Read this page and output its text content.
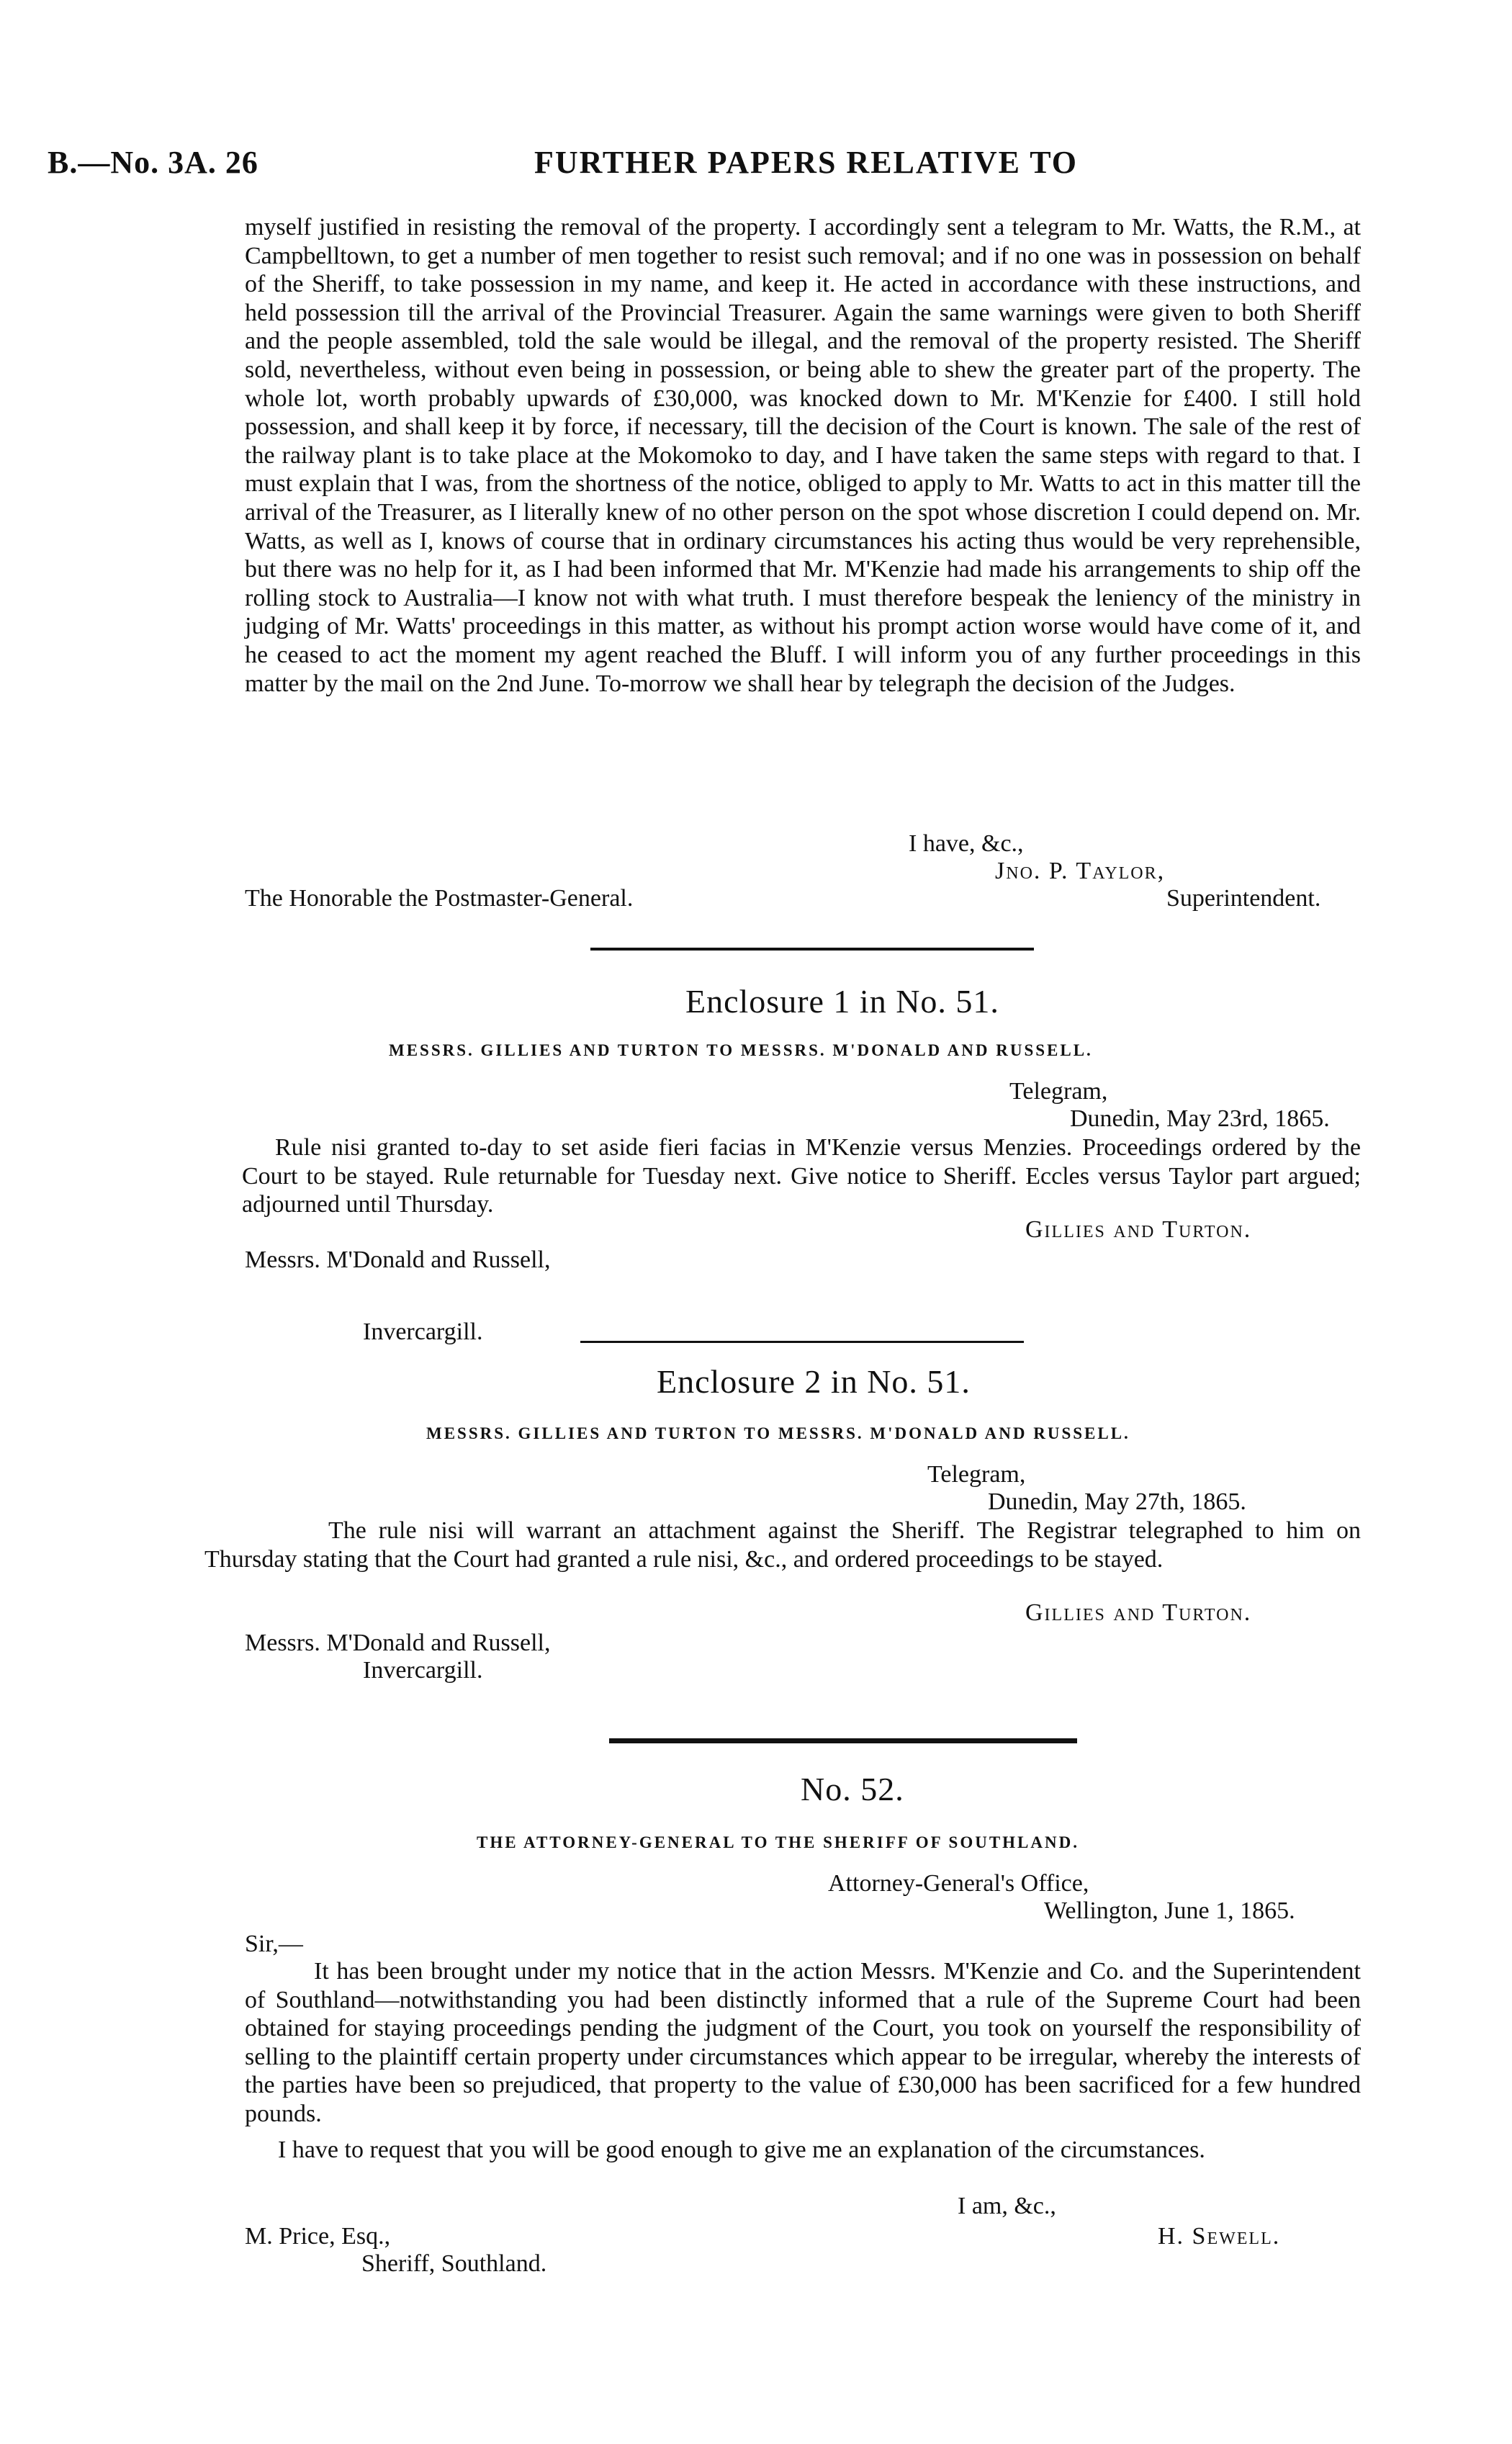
B.—No. 3A. 26	FURTHER PAPERS RELATIVE TO
myself justified in resisting the removal of the property. I accordingly sent a telegram to Mr. Watts, the R.M., at Campbelltown, to get a number of men together to resist such removal; and if no one was in possession on behalf of the Sheriff, to take possession in my name, and keep it. He acted in accordance with these instructions, and held possession till the arrival of the Provincial Treasurer. Again the same warnings were given to both Sheriff and the people assembled, told the sale would be illegal, and the removal of the property resisted. The Sheriff sold, nevertheless, without even being in possession, or being able to shew the greater part of the property. The whole lot, worth probably upwards of £30,000, was knocked down to Mr. M'Kenzie for £400. I still hold possession, and shall keep it by force, if necessary, till the decision of the Court is known. The sale of the rest of the railway plant is to take place at the Mokomoko to day, and I have taken the same steps with regard to that. I must explain that I was, from the shortness of the notice, obliged to apply to Mr. Watts to act in this matter till the arrival of the Treasurer, as I literally knew of no other person on the spot whose discretion I could depend on. Mr. Watts, as well as I, knows of course that in ordinary circumstances his acting thus would be very reprehensible, but there was no help for it, as I had been informed that Mr. M'Kenzie had made his arrangements to ship off the rolling stock to Australia—I know not with what truth. I must therefore bespeak the leniency of the ministry in judging of Mr. Watts' proceedings in this matter, as without his prompt action worse would have come of it, and he ceased to act the moment my agent reached the Bluff. I will inform you of any further proceedings in this matter by the mail on the 2nd June. To-morrow we shall hear by telegraph the decision of the Judges.
I have, &c.,
Jno. P. Taylor,
The Honorable the Postmaster-General.	Superintendent.
Enclosure 1 in No. 51.
MESSRS. GILLIES AND TURTON TO MESSRS. M'DONALD AND RUSSELL.
Telegram,
Dunedin, May 23rd, 1865.
Rule nisi granted to-day to set aside fieri facias in M'Kenzie versus Menzies. Proceedings ordered by the Court to be stayed. Rule returnable for Tuesday next. Give notice to Sheriff. Eccles versus Taylor part argued; adjourned until Thursday.
Gillies and Turton.
Messrs. M'Donald and Russell,
Invercargill.
Enclosure 2 in No. 51.
MESSRS. GILLIES AND TURTON TO MESSRS. M'DONALD AND RUSSELL.
Telegram,
Dunedin, May 27th, 1865.
The rule nisi will warrant an attachment against the Sheriff. The Registrar telegraphed to him on Thursday stating that the Court had granted a rule nisi, &c., and ordered proceedings to be stayed.
Gillies and Turton.
Messrs. M'Donald and Russell,
Invercargill.
No. 52.
THE ATTORNEY-GENERAL TO THE SHERIFF OF SOUTHLAND.
Attorney-General's Office,
Wellington, June 1, 1865.
Sir,—
It has been brought under my notice that in the action Messrs. M'Kenzie and Co. and the Superintendent of Southland—notwithstanding you had been distinctly informed that a rule of the Supreme Court had been obtained for staying proceedings pending the judgment of the Court, you took on yourself the responsibility of selling to the plaintiff certain property under circumstances which appear to be irregular, whereby the interests of the parties have been so prejudiced, that property to the value of £30,000 has been sacrificed for a few hundred pounds.
I have to request that you will be good enough to give me an explanation of the circumstances.
I am, &c.,
H. Sewell.
M. Price, Esq.,
Sheriff, Southland.
